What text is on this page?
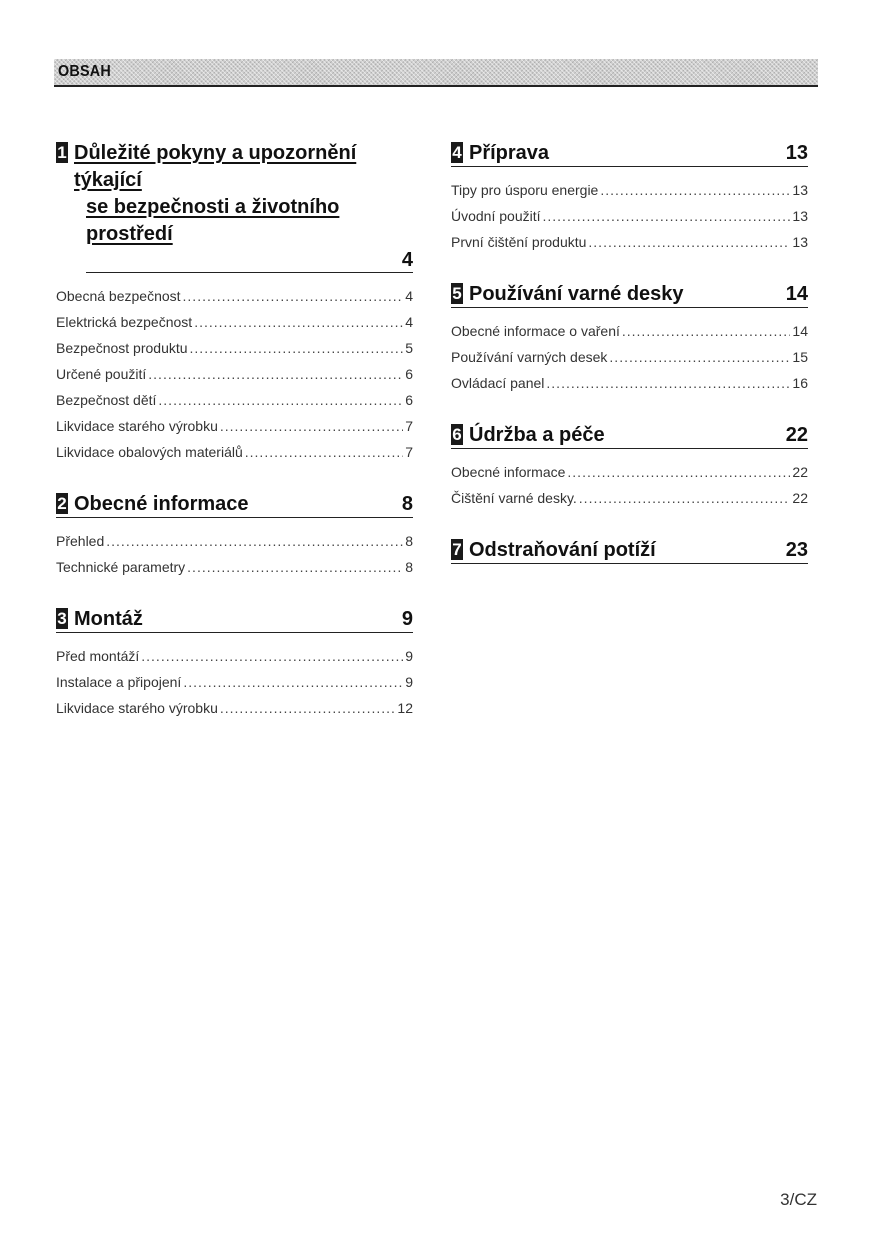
OBSAH
1 Důležité pokyny a upozornění týkající
se bezpečnosti a životního prostředí
4
Obecná bezpečnost .....	4
Elektrická bezpečnost .....	4
Bezpečnost produktu .....	5
Určené použití .....	6
Bezpečnost dětí .....	6
Likvidace starého výrobku .....	7
Likvidace obalových materiálů .....	7
2 Obecné informace	8
Přehled .....	8
Technické parametry .....	8
3 Montáž	9
Před montáží .....	9
Instalace a připojení .....	9
Likvidace starého výrobku .....	12
4 Příprava	13
Tipy pro úsporu energie .....	13
Úvodní použití .....	13
První čištění produktu .....	13
5 Používání varné desky	14
Obecné informace o vaření .....	14
Používání varných desek .....	15
Ovládací panel .....	16
6 Údržba a péče	22
Obecné informace .....	22
Čištění varné desky. .....	22
7 Odstraňování potíží	23
3/CZ
